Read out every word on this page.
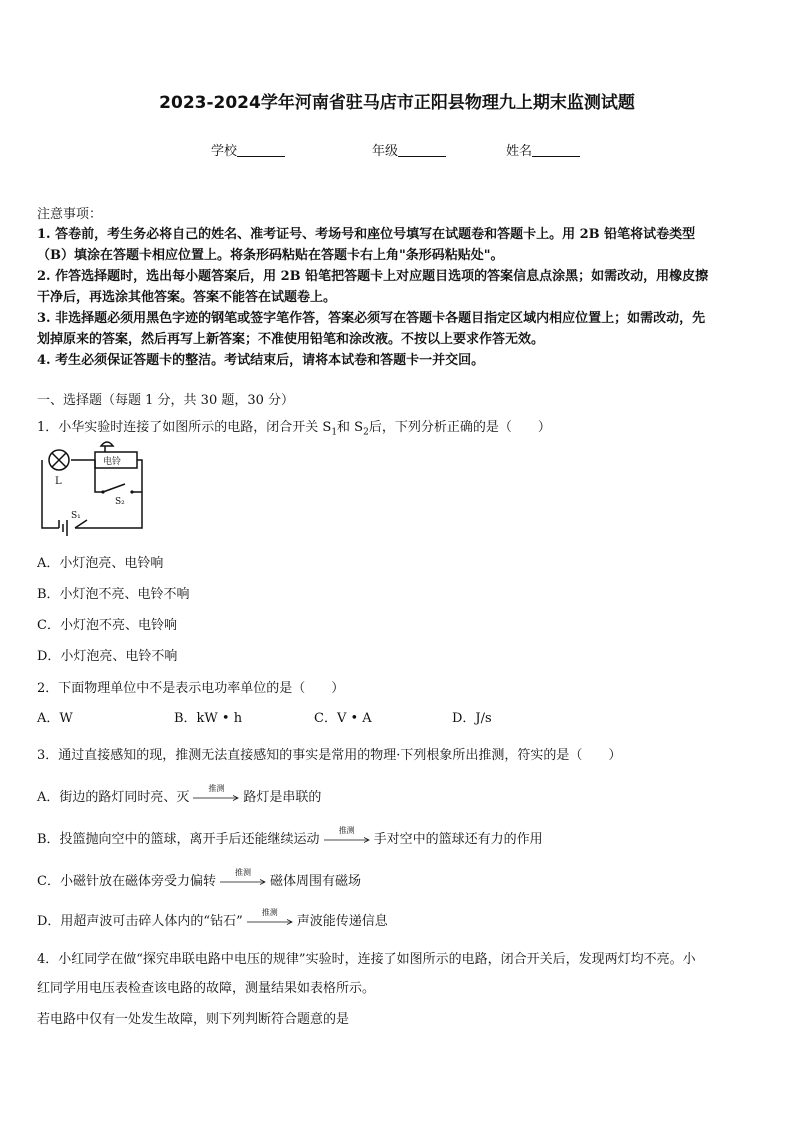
2023-2024学年河南省驻马店市正阳县物理九上期末监测试题
学校	年级	姓名
注意事项：
1. 答卷前，考生务必将自己的姓名、准考证号、考场号和座位号填写在试题卷和答题卡上。用 2B 铅笔将试卷类型
（B）填涂在答题卡相应位置上。将条形码粘贴在答题卡右上角"条形码粘贴处"。
2. 作答选择题时，选出每小题答案后，用 2B 铅笔把答题卡上对应题目选项的答案信息点涂黑；如需改动，用橡皮擦
干净后，再选涂其他答案。答案不能答在试题卷上。
3. 非选择题必须用黑色字迹的钢笔或签字笔作答，答案必须写在答题卡各题目指定区域内相应位置上；如需改动，先
划掉原来的答案，然后再写上新答案；不准使用铅笔和涂改液。不按以上要求作答无效。
4. 考生必须保证答题卡的整洁。考试结束后，请将本试卷和答题卡一并交回。
一、选择题（每题 1 分，共 30 题，30 分）
1．小华实验时连接了如图所示的电路，闭合开关 $S_1$和 $S_2$后，下列分析正确的是（　　）
L
电铃
S₂
S₁
A．小灯泡亮、电铃响
B．小灯泡不亮、电铃不响
C．小灯泡不亮、电铃响
D．小灯泡亮、电铃不响
2．下面物理单位中不是表示电功率单位的是（　　）
A．W	B．kW • h	C．V • A	D．J/s
3．通过直接感知的现，推测无法直接感知的事实是常用的物理·下列根象所出推测，符实的是（　　）
A．街边的路灯同时亮、灭
推测
路灯是串联的
B．投篮抛向空中的篮球，离开手后还能继续运动
推测
手对空中的篮球还有力的作用
C．小磁针放在磁体旁受力偏转
推测
磁体周围有磁场
D．用超声波可击碎人体内的“钻石”
推测
声波能传递信息
4．小红同学在做“探究串联电路中电压的规律”实验时，连接了如图所示的电路，闭合开关后，发现两灯均不亮。小
红同学用电压表检查该电路的故障，测量结果如表格所示。
若电路中仅有一处发生故障，则下列判断符合题意的是
